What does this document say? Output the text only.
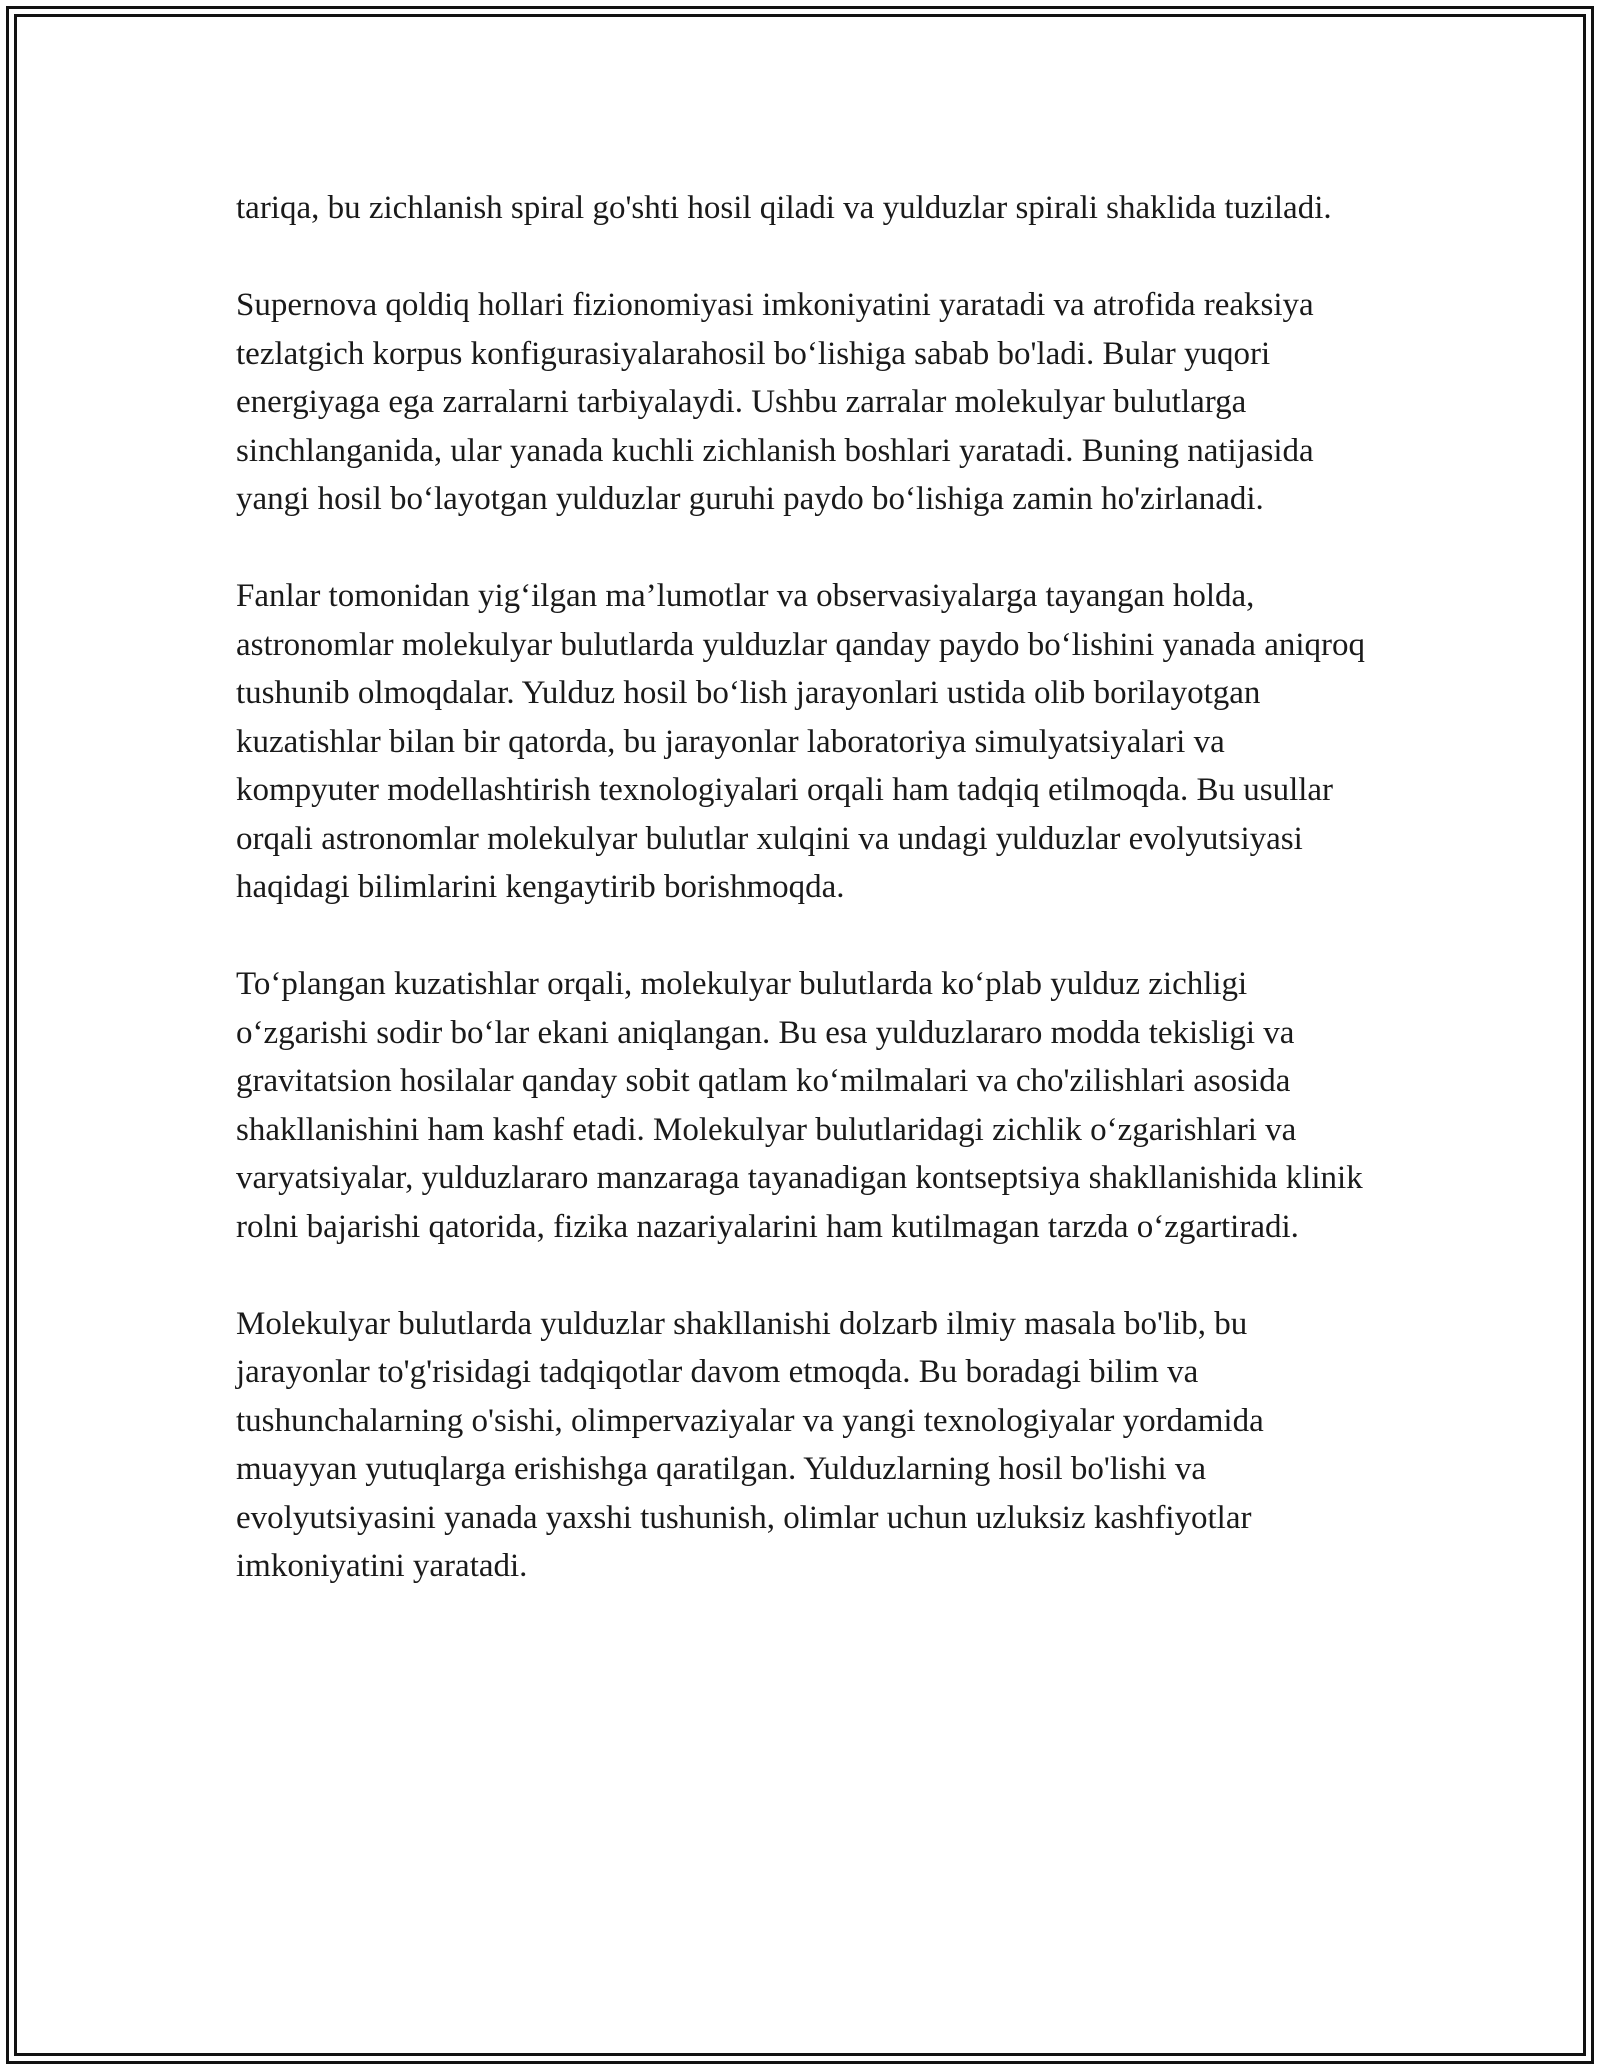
tariqa, bu zichlanish spiral go'shti hosil qiladi va yulduzlar spirali shaklida tuziladi.

Supernova qoldiq hollari fizionomiyasi imkoniyatini yaratadi va atrofida reaksiya tezlatgich korpus konfigurasiyalarahosil bo‘lishiga sabab bo'ladi. Bular yuqori energiyaga ega zarralarni tarbiyalaydi. Ushbu zarralar molekulyar bulutlarga sinchlanganida, ular yanada kuchli zichlanish boshlari yaratadi. Buning natijasida yangi hosil bo‘layotgan yulduzlar guruhi paydo bo‘lishiga zamin ho'zirlanadi.

Fanlar tomonidan yig‘ilgan ma’lumotlar va observasiyalarga tayangan holda, astronomlar molekulyar bulutlarda yulduzlar qanday paydo bo‘lishini yanada aniqroq tushunib olmoqdalar. Yulduz hosil bo‘lish jarayonlari ustida olib borilayotgan kuzatishlar bilan bir qatorda, bu jarayonlar laboratoriya simulyatsiyalari va kompyuter modellashtirish texnologiyalari orqali ham tadqiq etilmoqda. Bu usullar orqali astronomlar molekulyar bulutlar xulqini va undagi yulduzlar evolyutsiyasi haqidagi bilimlarini kengaytirib borishmoqda.

To‘plangan kuzatishlar orqali, molekulyar bulutlarda ko‘plab yulduz zichligi o‘zgarishi sodir bo‘lar ekani aniqlangan. Bu esa yulduzlararo modda tekisligi va gravitatsion hosilalar qanday sobit qatlam ko‘milmalari va cho'zilishlari asosida shakllanishini ham kashf etadi. Molekulyar bulutlaridagi zichlik o‘zgarishlari va varyatsiyalar, yulduzlararo manzaraga tayanadigan kontseptsiya shakllanishida klinik rolni bajarishi qatorida, fizika nazariyalarini ham kutilmagan tarzda o‘zgartiradi.

Molekulyar bulutlarda yulduzlar shakllanishi dolzarb ilmiy masala bo'lib, bu jarayonlar to'g'risidagi tadqiqotlar davom etmoqda. Bu boradagi bilim va tushunchalarning o'sishi, olimpervaziyalar va yangi texnologiyalar yordamida muayyan yutuqlarga erishishga qaratilgan. Yulduzlarning hosil bo'lishi va evolyutsiyasini yanada yaxshi tushunish, olimlar uchun uzluksiz kashfiyotlar imkoniyatini yaratadi.
